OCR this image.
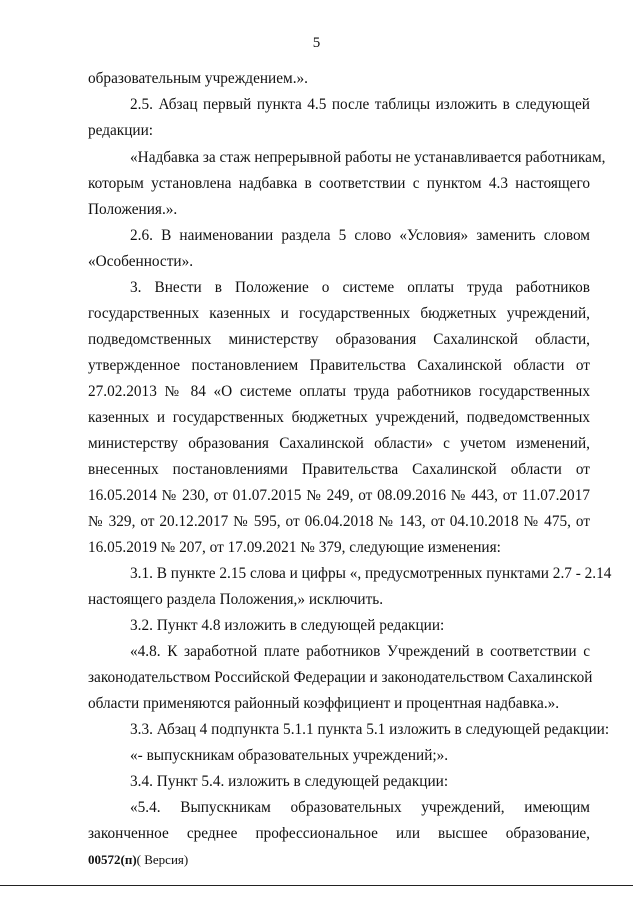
5
образовательным учреждением.».
2.5. Абзац первый пункта 4.5 после таблицы изложить в следующей
редакции:
«Надбавка за стаж непрерывной работы не устанавливается работникам,
которым установлена надбавка в соответствии с пунктом 4.3 настоящего
Положения.».
2.6. В наименовании раздела 5 слово «Условия» заменить словом
«Особенности».
3. Внести в Положение о системе оплаты труда работников
государственных казенных и государственных бюджетных учреждений,
подведомственных министерству образования Сахалинской области,
утвержденное постановлением Правительства Сахалинской области от
27.02.2013 № 84 «О системе оплаты труда работников государственных
казенных и государственных бюджетных учреждений, подведомственных
министерству образования Сахалинской области» с учетом изменений,
внесенных постановлениями Правительства Сахалинской области от
16.05.2014 № 230, от 01.07.2015 № 249, от 08.09.2016 № 443, от 11.07.2017
№ 329, от 20.12.2017 № 595, от 06.04.2018 № 143, от 04.10.2018 № 475, от
16.05.2019 № 207, от 17.09.2021 № 379, следующие изменения:
3.1. В пункте 2.15 слова и цифры «, предусмотренных пунктами 2.7 - 2.14
настоящего раздела Положения,» исключить.
3.2. Пункт 4.8 изложить в следующей редакции:
«4.8. К заработной плате работников Учреждений в соответствии с
законодательством Российской Федерации и законодательством Сахалинской
области применяются районный коэффициент и процентная надбавка.».
3.3. Абзац 4 подпункта 5.1.1 пункта 5.1 изложить в следующей редакции:
«- выпускникам образовательных учреждений;».
3.4. Пункт 5.4. изложить в следующей редакции:
«5.4. Выпускникам образовательных учреждений, имеющим
законченное среднее профессиональное или высшее образование,
00572(п)( Версия)
